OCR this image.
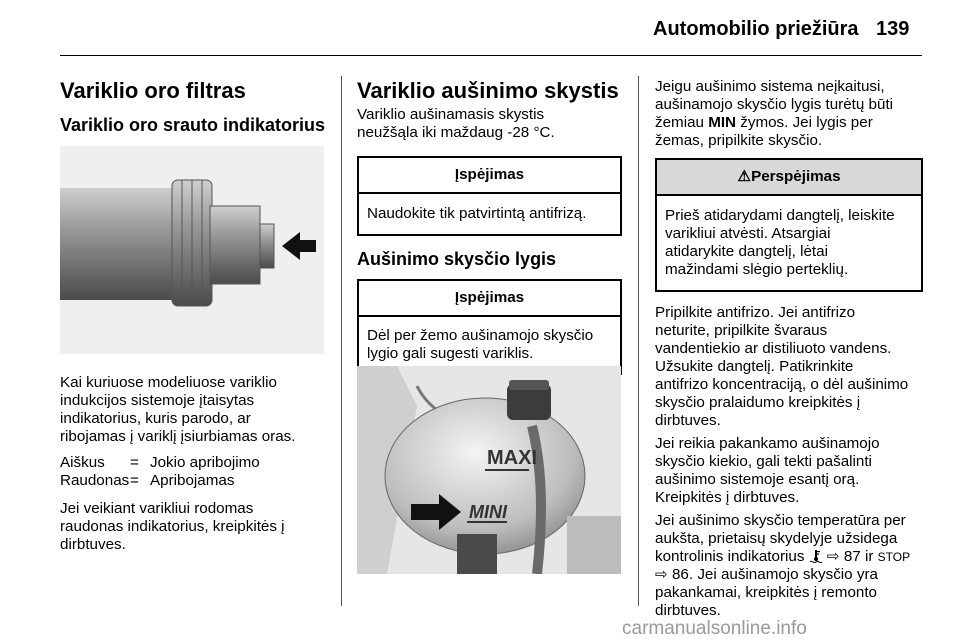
Automobilio priežiūra 139
Variklio oro filtras
Variklio oro srauto indikatorius

Kai kuriuose modeliuose variklio
indukcijos sistemoje įtaisytas
indikatorius, kuris parodo, ar
ribojamas į variklį įsiurbiamas oras.

Aiškus	= Jokio apribojimo
Raudonas = Apribojamas

Jei veikiant varikliui rodomas
raudonas indikatorius, kreipkitės į
dirbtuves.

Variklio aušinimo skystis

Variklio aušinamasis skystis
neužšąla iki maždaug -28 °C.

Įspėjimas
Naudokite tik patvirtintą antifrizą.
Aušinimo skysčio lygis
Įspėjimas
Dėl per žemo aušinamojo skysčio
lygio gali sugesti variklis.
MAXI
MINI

Jeigu aušinimo sistema neįkaitusi,
aušinamojo skysčio lygis turėtų būti
žemiau MIN žymos. Jei lygis per
žemas, pripilkite skysčio.

⚠Perspėjimas
Prieš atidarydami dangtelį, leiskite
varikliui atvėsti. Atsargiai
atidarykite dangtelį, lėtai
mažindami slėgio perteklių.

Pripilkite antifrizo. Jei antifrizo
neturite, pripilkite švaraus
vandentiekio ar distiliuoto vandens.
Užsukite dangtelį. Patikrinkite
antifrizo koncentraciją, o dėl aušinimo
skysčio pralaidumo kreipkitės į
dirbtuves.

Jei reikia pakankamo aušinamojo
skysčio kiekio, gali tekti pašalinti
aušinimo sistemoje esantį orą.
Kreipkitės į dirbtuves.

Jei aušinimo skysčio temperatūra per
aukšta, prietaisų skydelyje užsidega
kontrolinis indikatorius  ⇨ 87 ir STOP
⇨ 86. Jei aušinamojo skysčio yra
pakankamai, kreipkitės į remonto
dirbtuves.

carmanualsonline.info
